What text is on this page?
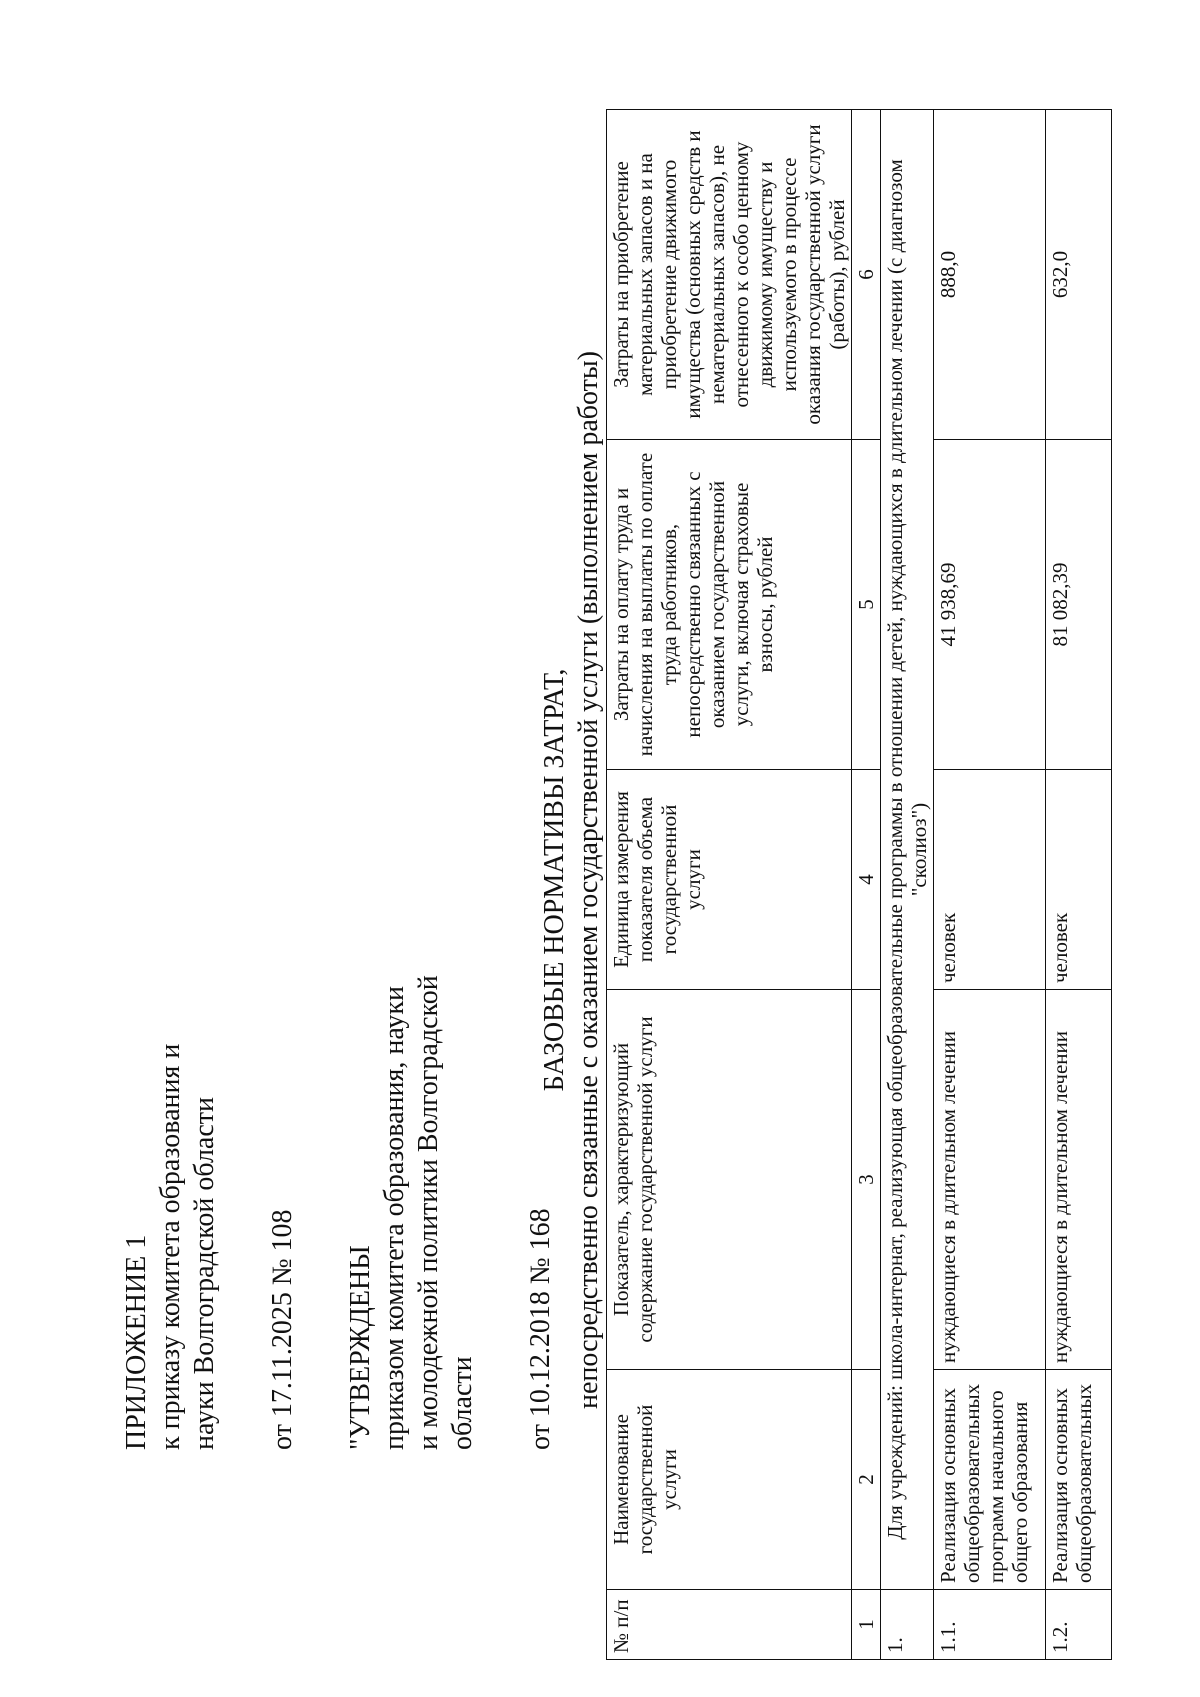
ПРИЛОЖЕНИЕ 1 к приказу комитета образования и науки Волгоградской области от 17.11.2025 № 108 "УТВЕРЖДЕНЫ приказом комитета образования, науки и молодежной политики Волгоградской области от 10.12.2018 № 168
БАЗОВЫЕ НОРМАТИВЫ ЗАТРАТ, непосредственно связанные с оказанием государственной услуги (выполнением работы)
№ п/п	Наименование государственной услуги	Показатель, характеризующий содержание государственной услуги	Единица измерения показателя объема государственной услуги	Затраты на оплату труда и начисления на выплаты по оплате труда работников, непосредственно связанных с оказанием государственной услуги, включая страховые взносы, рублей	Затраты на приобретение материальных запасов и на приобретение движимого имущества (основных средств и нематериальных запасов), не отнесенного к особо ценному движимому имуществу и используемого в процессе оказания государственной услуги (работы), рублей
1	2	3	4	5	6
1.	Для учреждений: школа-интернат, реализующая общеобразовательные программы в отношении детей, нуждающихся в длительном лечении (с диагнозом "сколиоз")				
1.1.	Реализация основных общеобразовательных программ начального общего образования	нуждающиеся в длительном лечении	человек	41 938,69	888,0
1.2.	Реализация основных общеобразовательных	нуждающиеся в длительном лечении	человек	81 082,39	632,0
